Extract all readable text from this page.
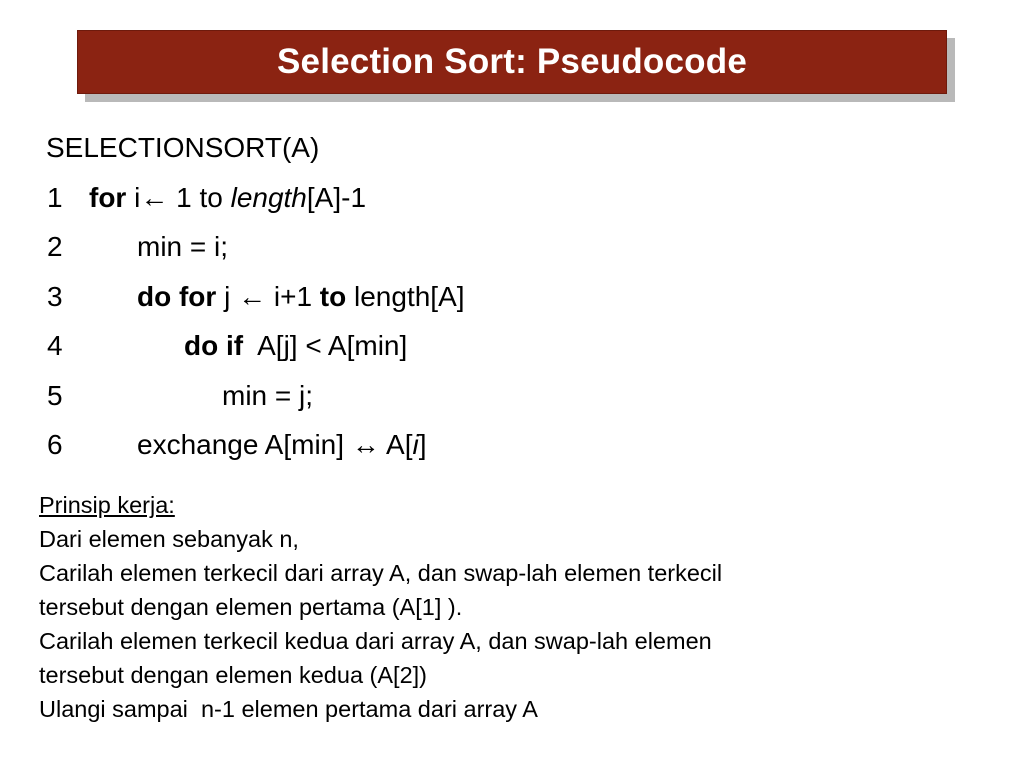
Selection Sort: Pseudocode
SELECTIONSORT(A)
1 for i← 1 to length[A]-1
2	min = i;
3	do for j ← i+1 to length[A]
4	do if  A[j] < A[min]
5	min = j;
6	exchange A[min] ↔ A[i]
Prinsip kerja:
Dari elemen sebanyak n,
Carilah elemen terkecil dari array A, dan swap-lah elemen terkecil
tersebut dengan elemen pertama (A[1] ).
Carilah elemen terkecil kedua dari array A, dan swap-lah elemen
tersebut dengan elemen kedua (A[2])
Ulangi sampai  n-1 elemen pertama dari array A
